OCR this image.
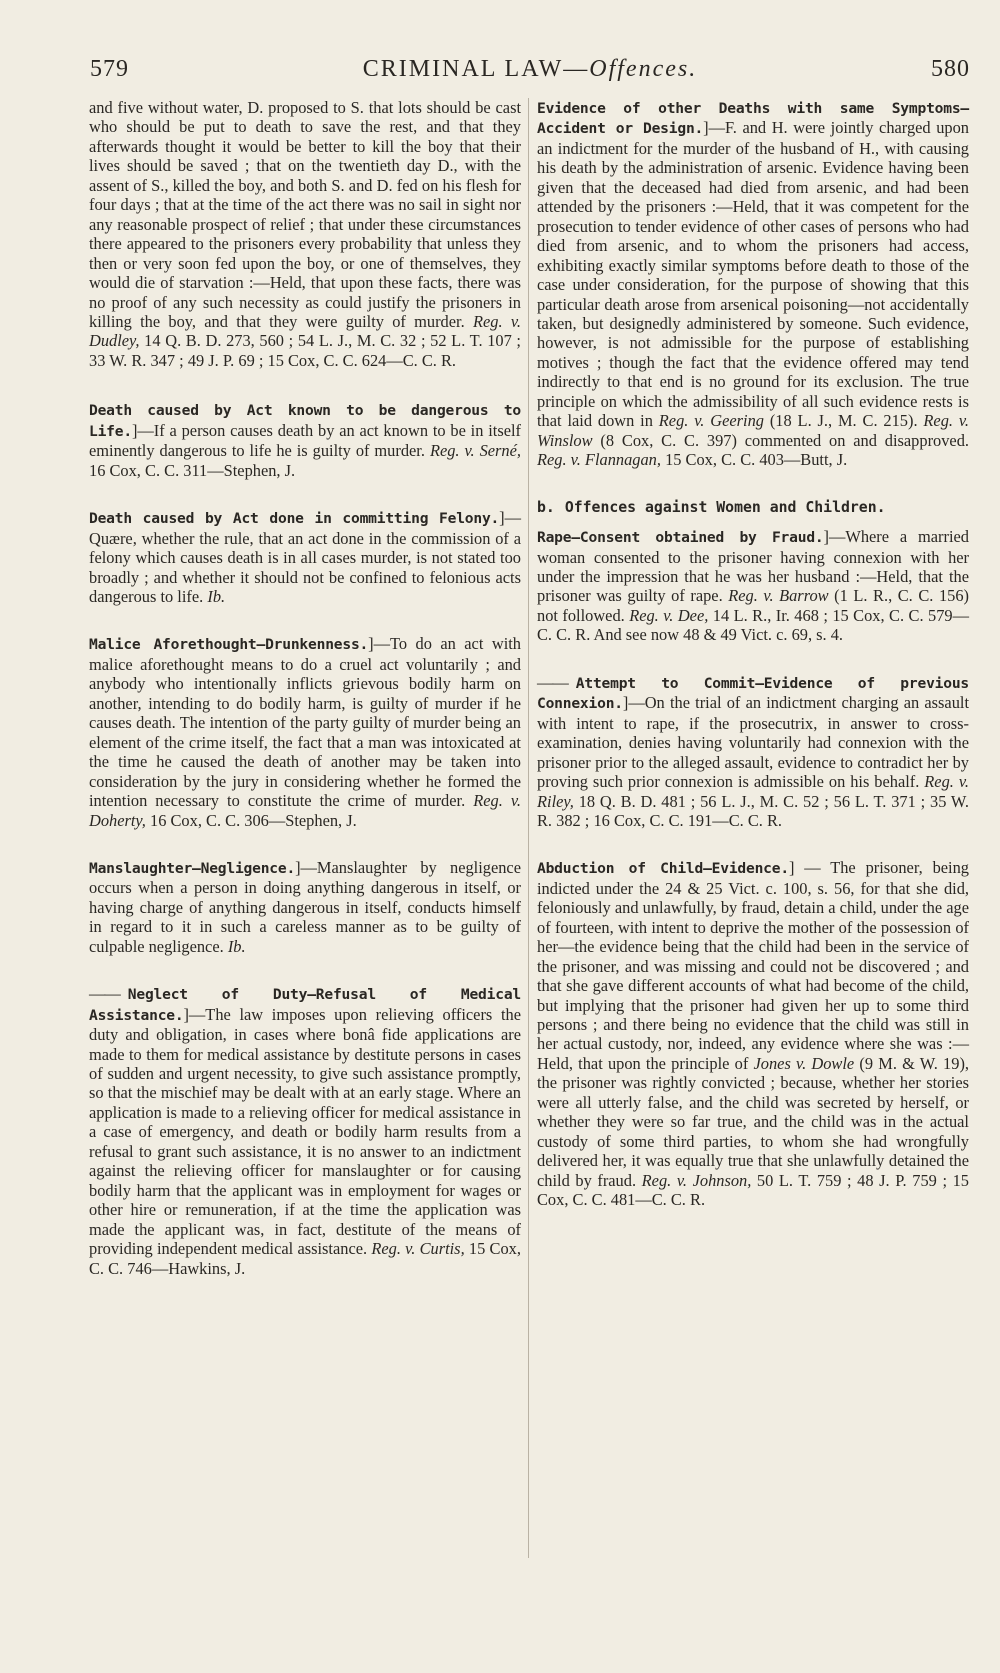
579	CRIMINAL LAW—Offences.	580

and five without water, D. proposed to S. that lots should be cast who should be put to death to save the rest, and that they afterwards thought it would be better to kill the boy that their lives should be saved ; that on the twentieth day D., with the assent of S., killed the boy, and both S. and D. fed on his flesh for four days ; that at the time of the act there was no sail in sight nor any reasonable prospect of relief ; that under these circumstances there appeared to the prisoners every probability that unless they then or very soon fed upon the boy, or one of themselves, they would die of starvation :—Held, that upon these facts, there was no proof of any such necessity as could justify the prisoners in killing the boy, and that they were guilty of murder. Reg. v. Dudley, 14 Q. B. D. 273, 560 ; 54 L. J., M. C. 32 ; 52 L. T. 107 ; 33 W. R. 347 ; 49 J. P. 69 ; 15 Cox, C. C. 624—C. C. R.

Death caused by Act known to be dangerous to Life.]—If a person causes death by an act known to be in itself eminently dangerous to life he is guilty of murder. Reg. v. Serné, 16 Cox, C. C. 311—Stephen, J.

Death caused by Act done in committing Felony.]—Quære, whether the rule, that an act done in the commission of a felony which causes death is in all cases murder, is not stated too broadly ; and whether it should not be confined to felonious acts dangerous to life. Ib.

Malice Aforethought—Drunkenness.]—To do an act with malice aforethought means to do a cruel act voluntarily ; and anybody who intentionally inflicts grievous bodily harm on another, intending to do bodily harm, is guilty of murder if he causes death. The intention of the party guilty of murder being an element of the crime itself, the fact that a man was intoxicated at the time he caused the death of another may be taken into consideration by the jury in considering whether he formed the intention necessary to constitute the crime of murder. Reg. v. Doherty, 16 Cox, C. C. 306—Stephen, J.

Manslaughter—Negligence.]—Manslaughter by negligence occurs when a person in doing anything dangerous in itself, or having charge of anything dangerous in itself, conducts himself in regard to it in such a careless manner as to be guilty of culpable negligence. Ib.

—— Neglect of Duty—Refusal of Medical Assistance.]—The law imposes upon relieving officers the duty and obligation, in cases where bonâ fide applications are made to them for medical assistance by destitute persons in cases of sudden and urgent necessity, to give such assistance promptly, so that the mischief may be dealt with at an early stage. Where an application is made to a relieving officer for medical assistance in a case of emergency, and death or bodily harm results from a refusal to grant such assistance, it is no answer to an indictment against the relieving officer for manslaughter or for causing bodily harm that the applicant was in employment for wages or other hire or remuneration, if at the time the application was made the applicant was, in fact, destitute of the means of providing independent medical assistance. Reg. v. Curtis, 15 Cox, C. C. 746—Hawkins, J.

Evidence of other Deaths with same Symptoms—Accident or Design.]—F. and H. were jointly charged upon an indictment for the murder of the husband of H., with causing his death by the administration of arsenic. Evidence having been given that the deceased had died from arsenic, and had been attended by the prisoners :—Held, that it was competent for the prosecution to tender evidence of other cases of persons who had died from arsenic, and to whom the prisoners had access, exhibiting exactly similar symptoms before death to those of the case under consideration, for the purpose of showing that this particular death arose from arsenical poisoning—not accidentally taken, but designedly administered by someone. Such evidence, however, is not admissible for the purpose of establishing motives ; though the fact that the evidence offered may tend indirectly to that end is no ground for its exclusion. The true principle on which the admissibility of all such evidence rests is that laid down in Reg. v. Geering (18 L. J., M. C. 215). Reg. v. Winslow (8 Cox, C. C. 397) commented on and disapproved. Reg. v. Flannagan, 15 Cox, C. C. 403—Butt, J.

b. Offences against Women and Children.

Rape—Consent obtained by Fraud.]—Where a married woman consented to the prisoner having connexion with her under the impression that he was her husband :—Held, that the prisoner was guilty of rape. Reg. v. Barrow (1 L. R., C. C. 156) not followed. Reg. v. Dee, 14 L. R., Ir. 468 ; 15 Cox, C. C. 579—C. C. R. And see now 48 & 49 Vict. c. 69, s. 4.

—— Attempt to Commit—Evidence of previous Connexion.]—On the trial of an indictment charging an assault with intent to rape, if the prosecutrix, in answer to cross-examination, denies having voluntarily had connexion with the prisoner prior to the alleged assault, evidence to contradict her by proving such prior connexion is admissible on his behalf. Reg. v. Riley, 18 Q. B. D. 481 ; 56 L. J., M. C. 52 ; 56 L. T. 371 ; 35 W. R. 382 ; 16 Cox, C. C. 191—C. C. R.

Abduction of Child—Evidence.] — The prisoner, being indicted under the 24 & 25 Vict. c. 100, s. 56, for that she did, feloniously and unlawfully, by fraud, detain a child, under the age of fourteen, with intent to deprive the mother of the possession of her—the evidence being that the child had been in the service of the prisoner, and was missing and could not be discovered ; and that she gave different accounts of what had become of the child, but implying that the prisoner had given her up to some third persons ; and there being no evidence that the child was still in her actual custody, nor, indeed, any evidence where she was :—Held, that upon the principle of Jones v. Dowle (9 M. & W. 19), the prisoner was rightly convicted ; because, whether her stories were all utterly false, and the child was secreted by herself, or whether they were so far true, and the child was in the actual custody of some third parties, to whom she had wrongfully delivered her, it was equally true that she unlawfully detained the child by fraud. Reg. v. Johnson, 50 L. T. 759 ; 48 J. P. 759 ; 15 Cox, C. C. 481—C. C. R.
